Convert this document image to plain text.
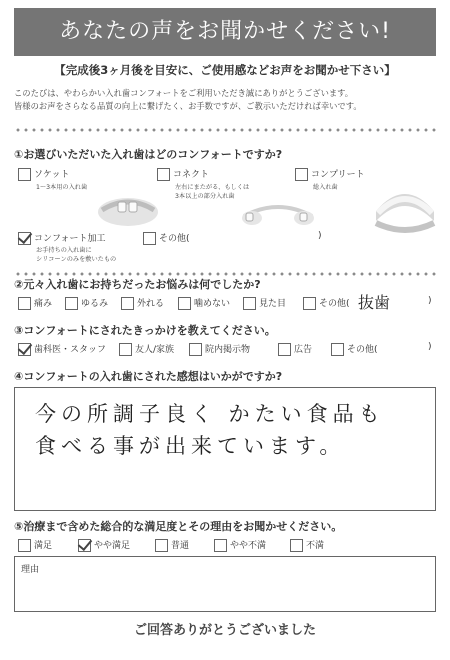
あなたの声をお聞かせください!
【完成後3ヶ月後を目安に、ご使用感などお声をお聞かせ下さい】
このたびは、やわらかい入れ歯コンフォートをご利用いただき誠にありがとうございます。
皆様のお声をさらなる品質の向上に繋げたく、お手数ですが、ご教示いただければ幸いです。
①お選びいただいた入れ歯はどのコンフォートですか?
ソケット
1〜3本用の入れ歯
コネクト
左右にまたがる、もしくは
3本以上の部分入れ歯
コンプリート
総入れ歯
コンフォート加工
お手持ちの入れ歯に
シリコーンのみを敷いたもの
その他(	)
②元々入れ歯にお持ちだったお悩みは何でしたか?
痛み	ゆるみ	外れる	噛めない	見た目	その他( 抜歯	)
③コンフォートにされたきっかけを教えてください。
歯科医・スタッフ	友人/家族	院内掲示物	広告	その他(	)
④コンフォートの入れ歯にされた感想はいかがですか?
今の所調子良く かたい食品も
食べる事が出来ています。
⑤治療まで含めた総合的な満足度とその理由をお聞かせください。
満足	やや満足	普通	やや不満	不満
理由
ご回答ありがとうございました
